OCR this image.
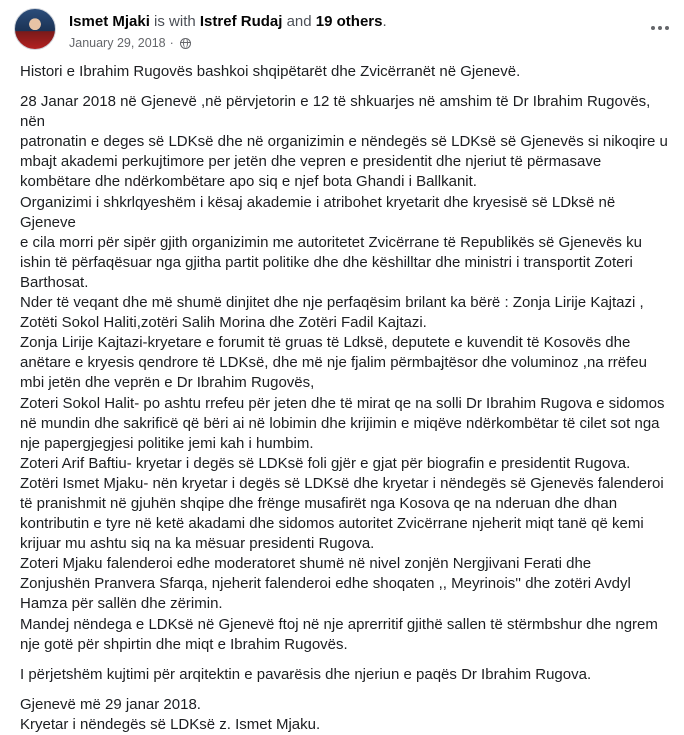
Ismet Mjaki is with Istref Rudaj and 19 others.
January 29, 2018 ·

Histori e Ibrahim Rugovës bashkoi shqipëtarët dhe Zvicërranët në Gjenevë.

28 Janar 2018 në Gjenevë ,në përvjetorin e 12 të shkuarjes në amshim të Dr Ibrahim Rugovës, nën

patronatin e deges së LDKsë dhe në organizimin e nëndegës së LDKsë së Gjenevës si nikoqire u

mbajt akademi perkujtimore per jetën dhe vepren e presidentit dhe njeriut të përmasave

kombëtare dhe ndërkombëtare apo siq e njef bota Ghandi i Ballkanit.

Organizimi i shkrlqyeshëm i kësaj akademie i atribohet kryetarit dhe kryesisë së LDksë në Gjeneve

e cila morri për sipër gjith organizimin me autoritetet Zvicërrane të Republikës së Gjenevës ku

ishin të përfaqësuar nga gjitha partit politike dhe dhe këshilltar dhe ministri i transportit Zoteri

Barthosat.

Nder të veqant dhe më shumë dinjitet dhe nje perfaqësim brilant ka bërë : Zonja Lirije Kajtazi ,

Zotëti Sokol Haliti,zotëri Salih Morina dhe Zotëri Fadil Kajtazi.

Zonja Lirije Kajtazi-kryetare e forumit të gruas të Ldksë, deputete e kuvendit të Kosovës dhe

anëtare e kryesis qendrore të LDKsë, dhe më nje fjalim përmbajtësor dhe voluminoz ,na rrëfeu

mbi jetën dhe veprën e Dr Ibrahim Rugovës,

Zoteri Sokol Halit- po ashtu rrefeu për jeten dhe të mirat qe na solli Dr Ibrahim Rugova e sidomos

në mundin dhe sakrificë që bëri ai në lobimin dhe krijimin e miqëve ndërkombëtar të cilet sot nga

nje papergjegjesi politike jemi kah i humbim.

Zoteri Arif Baftiu- kryetar i degës së LDKsë foli gjër e gjat për biografin e presidentit Rugova.

Zotëri Ismet Mjaku- nën kryetar i degës së LDKsë dhe kryetar i nëndegës së Gjenevës falenderoi

të pranishmit në gjuhën shqipe dhe frënge musafirët nga Kosova qe na nderuan dhe dhan

kontributin e tyre në ketë akadami dhe sidomos autoritet Zvicërrane njeherit miqt tanë që kemi

krijuar mu ashtu siq na ka mësuar presidenti Rugova.

Zoteri Mjaku falenderoi edhe moderatoret shumë në nivel zonjën Nergjivani Ferati dhe

Zonjushën Pranvera Sfarqa, njeherit falenderoi edhe shoqaten ,, Meyrinois'' dhe zotëri Avdyl

Hamza për sallën dhe zërimin.

Mandej nëndega e LDKsë në Gjenevë ftoj në nje aprerritif gjithë sallen të stërmbshur dhe ngrem

nje gotë për shpirtin dhe miqt e Ibrahim Rugovës.

I përjetshëm kujtimi për arqitektin e pavarësis dhe njeriun e paqës Dr Ibrahim Rugova.

Gjenevë më 29 janar 2018.

Kryetar i nëndegës së LDKsë z. Ismet Mjaku.
